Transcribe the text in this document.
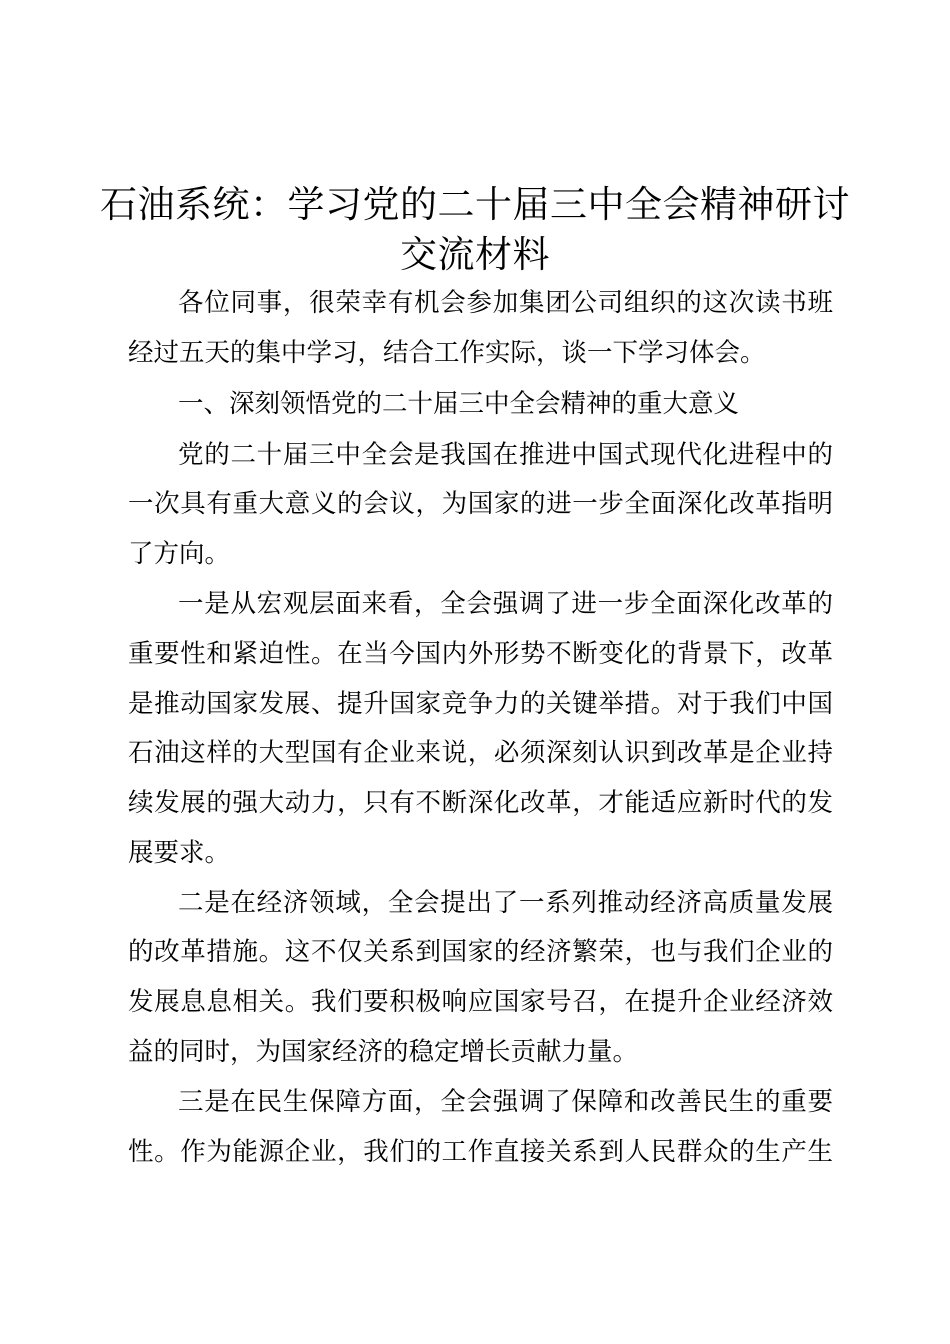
石油系统：学习党的二十届三中全会精神研讨
交流材料
各位同事，很荣幸有机会参加集团公司组织的这次读书班
经过五天的集中学习，结合工作实际，谈一下学习体会。
一、深刻领悟党的二十届三中全会精神的重大意义
党的二十届三中全会是我国在推进中国式现代化进程中的
一次具有重大意义的会议，为国家的进一步全面深化改革指明
了方向。
一是从宏观层面来看，全会强调了进一步全面深化改革的
重要性和紧迫性。在当今国内外形势不断变化的背景下，改革
是推动国家发展、提升国家竞争力的关键举措。对于我们中国
石油这样的大型国有企业来说，必须深刻认识到改革是企业持
续发展的强大动力，只有不断深化改革，才能适应新时代的发
展要求。
二是在经济领域，全会提出了一系列推动经济高质量发展
的改革措施。这不仅关系到国家的经济繁荣，也与我们企业的
发展息息相关。我们要积极响应国家号召，在提升企业经济效
益的同时，为国家经济的稳定增长贡献力量。
三是在民生保障方面，全会强调了保障和改善民生的重要
性。作为能源企业，我们的工作直接关系到人民群众的生产生
